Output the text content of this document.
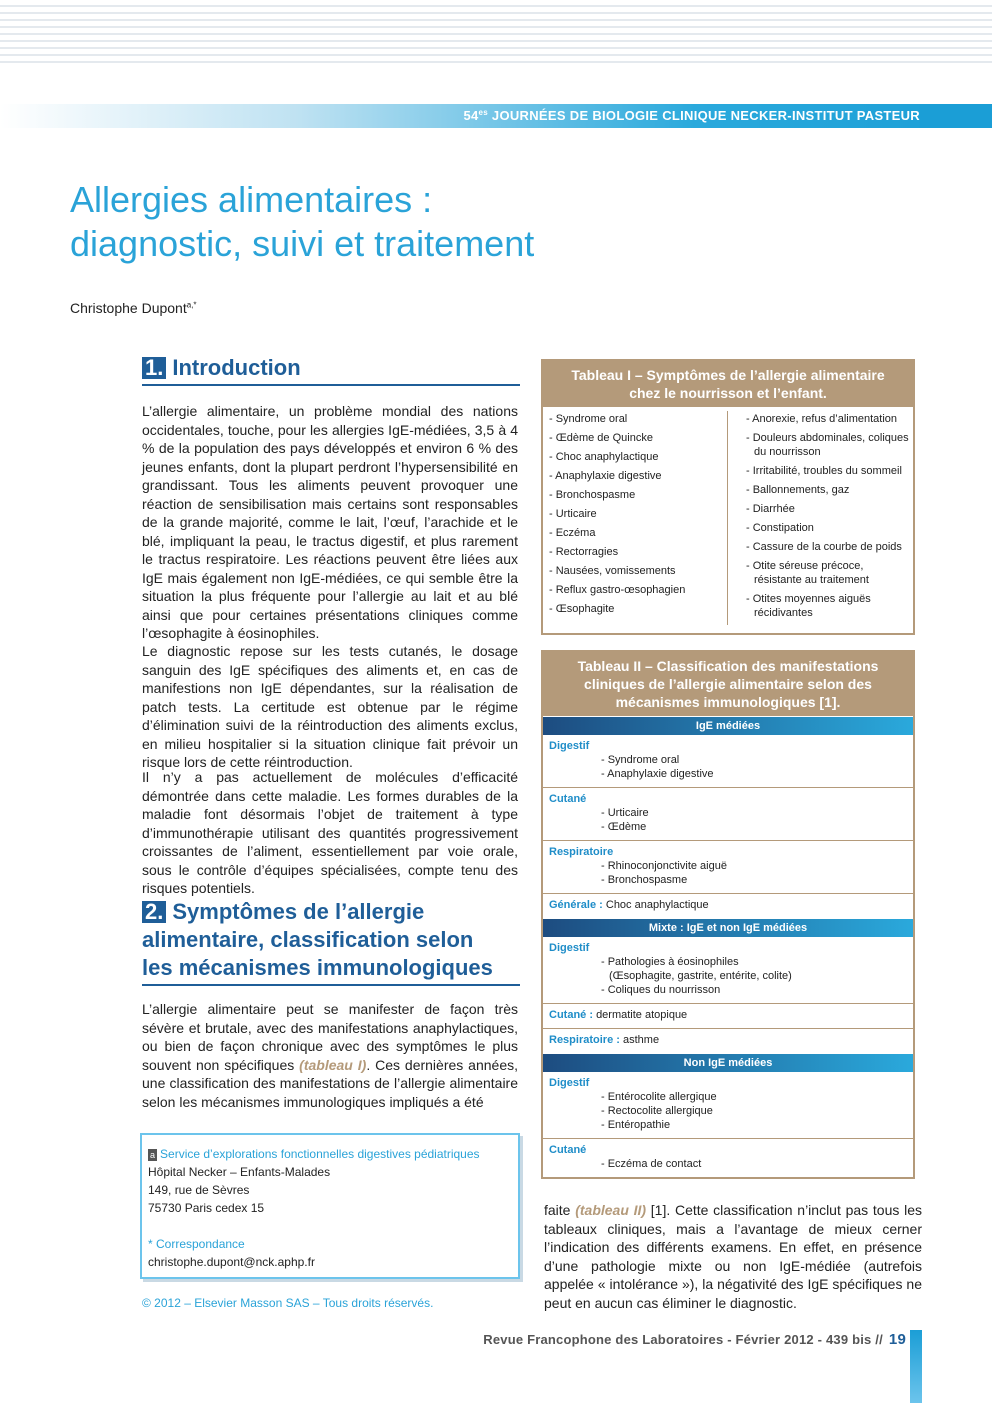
$54^{es}$ JOURNÉES DE BIOLOGIE CLINIQUE NECKER-INSTITUT PASTEUR
Allergies alimentaires :
diagnostic, suivi et traitement
Christophe Dupont$^{a,*}$
1. Introduction
L’allergie alimentaire, un problème mondial des nations occidentales, touche, pour les allergies IgE-médiées, 3,5 à 4 % de la population des pays développés et environ 6 % des jeunes enfants, dont la plupart perdront l’hypersensibilité en grandissant. Tous les aliments peuvent provoquer une réaction de sensibilisation mais certains sont responsables de la grande majorité, comme le lait, l’œuf, l’arachide et le blé, impliquant la peau, le tractus digestif, et plus rarement le tractus respiratoire. Les réactions peuvent être liées aux IgE mais également non IgE-médiées, ce qui semble être la situation la plus fréquente pour l’allergie au lait et au blé ainsi que pour certaines présentations cliniques comme l’œsophagite à éosinophiles.
Le diagnostic repose sur les tests cutanés, le dosage sanguin des IgE spécifiques des aliments et, en cas de manifestions non IgE dépendantes, sur la réalisation de patch tests. La certitude est obtenue par le régime d’élimination suivi de la réintroduction des aliments exclus, en milieu hospitalier si la situation clinique fait prévoir un risque lors de cette réintroduction.
Il n’y a pas actuellement de molécules d’efficacité démontrée dans cette maladie. Les formes durables de la maladie font désormais l’objet de traitement à type d’immunothérapie utilisant des quantités progressivement croissantes de l’aliment, essentiellement par voie orale, sous le contrôle d’équipes spécialisées, compte tenu des risques potentiels.
2. Symptômes de l’allergie
alimentaire, classification selon
les mécanismes immunologiques
L’allergie alimentaire peut se manifester de façon très sévère et brutale, avec des manifestations anaphylactiques, ou bien de façon chronique avec des symptômes le plus souvent non spécifiques (tableau I). Ces dernières années, une classification des manifestations de l’allergie alimentaire selon les mécanismes immunologiques impliqués a été
a Service d’explorations fonctionnelles digestives pédiatriques
Hôpital Necker – Enfants-Malades
149, rue de Sèvres
75730 Paris cedex 15
* Correspondance
christophe.dupont@nck.aphp.fr
© 2012 – Elsevier Masson SAS – Tous droits réservés.
Tableau I – Symptômes de l’allergie alimentaire
chez le nourrisson et l’enfant.
- Syndrome oral
- Œdème de Quincke
- Choc anaphylactique
- Anaphylaxie digestive
- Bronchospasme
- Urticaire
- Eczéma
- Rectorragies
- Nausées, vomissements
- Reflux gastro-œsophagien
- Œsophagite
- Anorexie, refus d’alimentation
- Douleurs abdominales, coliques du nourrisson
- Irritabilité, troubles du sommeil
- Ballonnements, gaz
- Diarrhée
- Constipation
- Cassure de la courbe de poids
- Otite séreuse précoce, résistante au traitement
- Otites moyennes aiguës récidivantes
Tableau II – Classification des manifestations
cliniques de l’allergie alimentaire selon des
mécanismes immunologiques [1].
IgE médiées
Digestif
- Syndrome oral
- Anaphylaxie digestive
Cutané
- Urticaire
- Œdème
Respiratoire
- Rhinoconjonctivite aiguë
- Bronchospasme
Générale : Choc anaphylactique
Mixte : IgE et non IgE médiées
Digestif
- Pathologies à éosinophiles
(Œsophagite, gastrite, entérite, colite)
- Coliques du nourrisson
Cutané : dermatite atopique
Respiratoire : asthme
Non IgE médiées
Digestif
- Entérocolite allergique
- Rectocolite allergique
- Entéropathie
Cutané
- Eczéma de contact
faite (tableau II) [1]. Cette classification n’inclut pas tous les tableaux cliniques, mais a l’avantage de mieux cerner l’indication des différents examens. En effet, en présence d’une pathologie mixte ou non IgE-médiée (autrefois appelée « intolérance »), la négativité des IgE spécifiques ne peut en aucun cas éliminer le diagnostic.
Revue Francophone des Laboratoires - Février 2012 - 439 bis // 19
